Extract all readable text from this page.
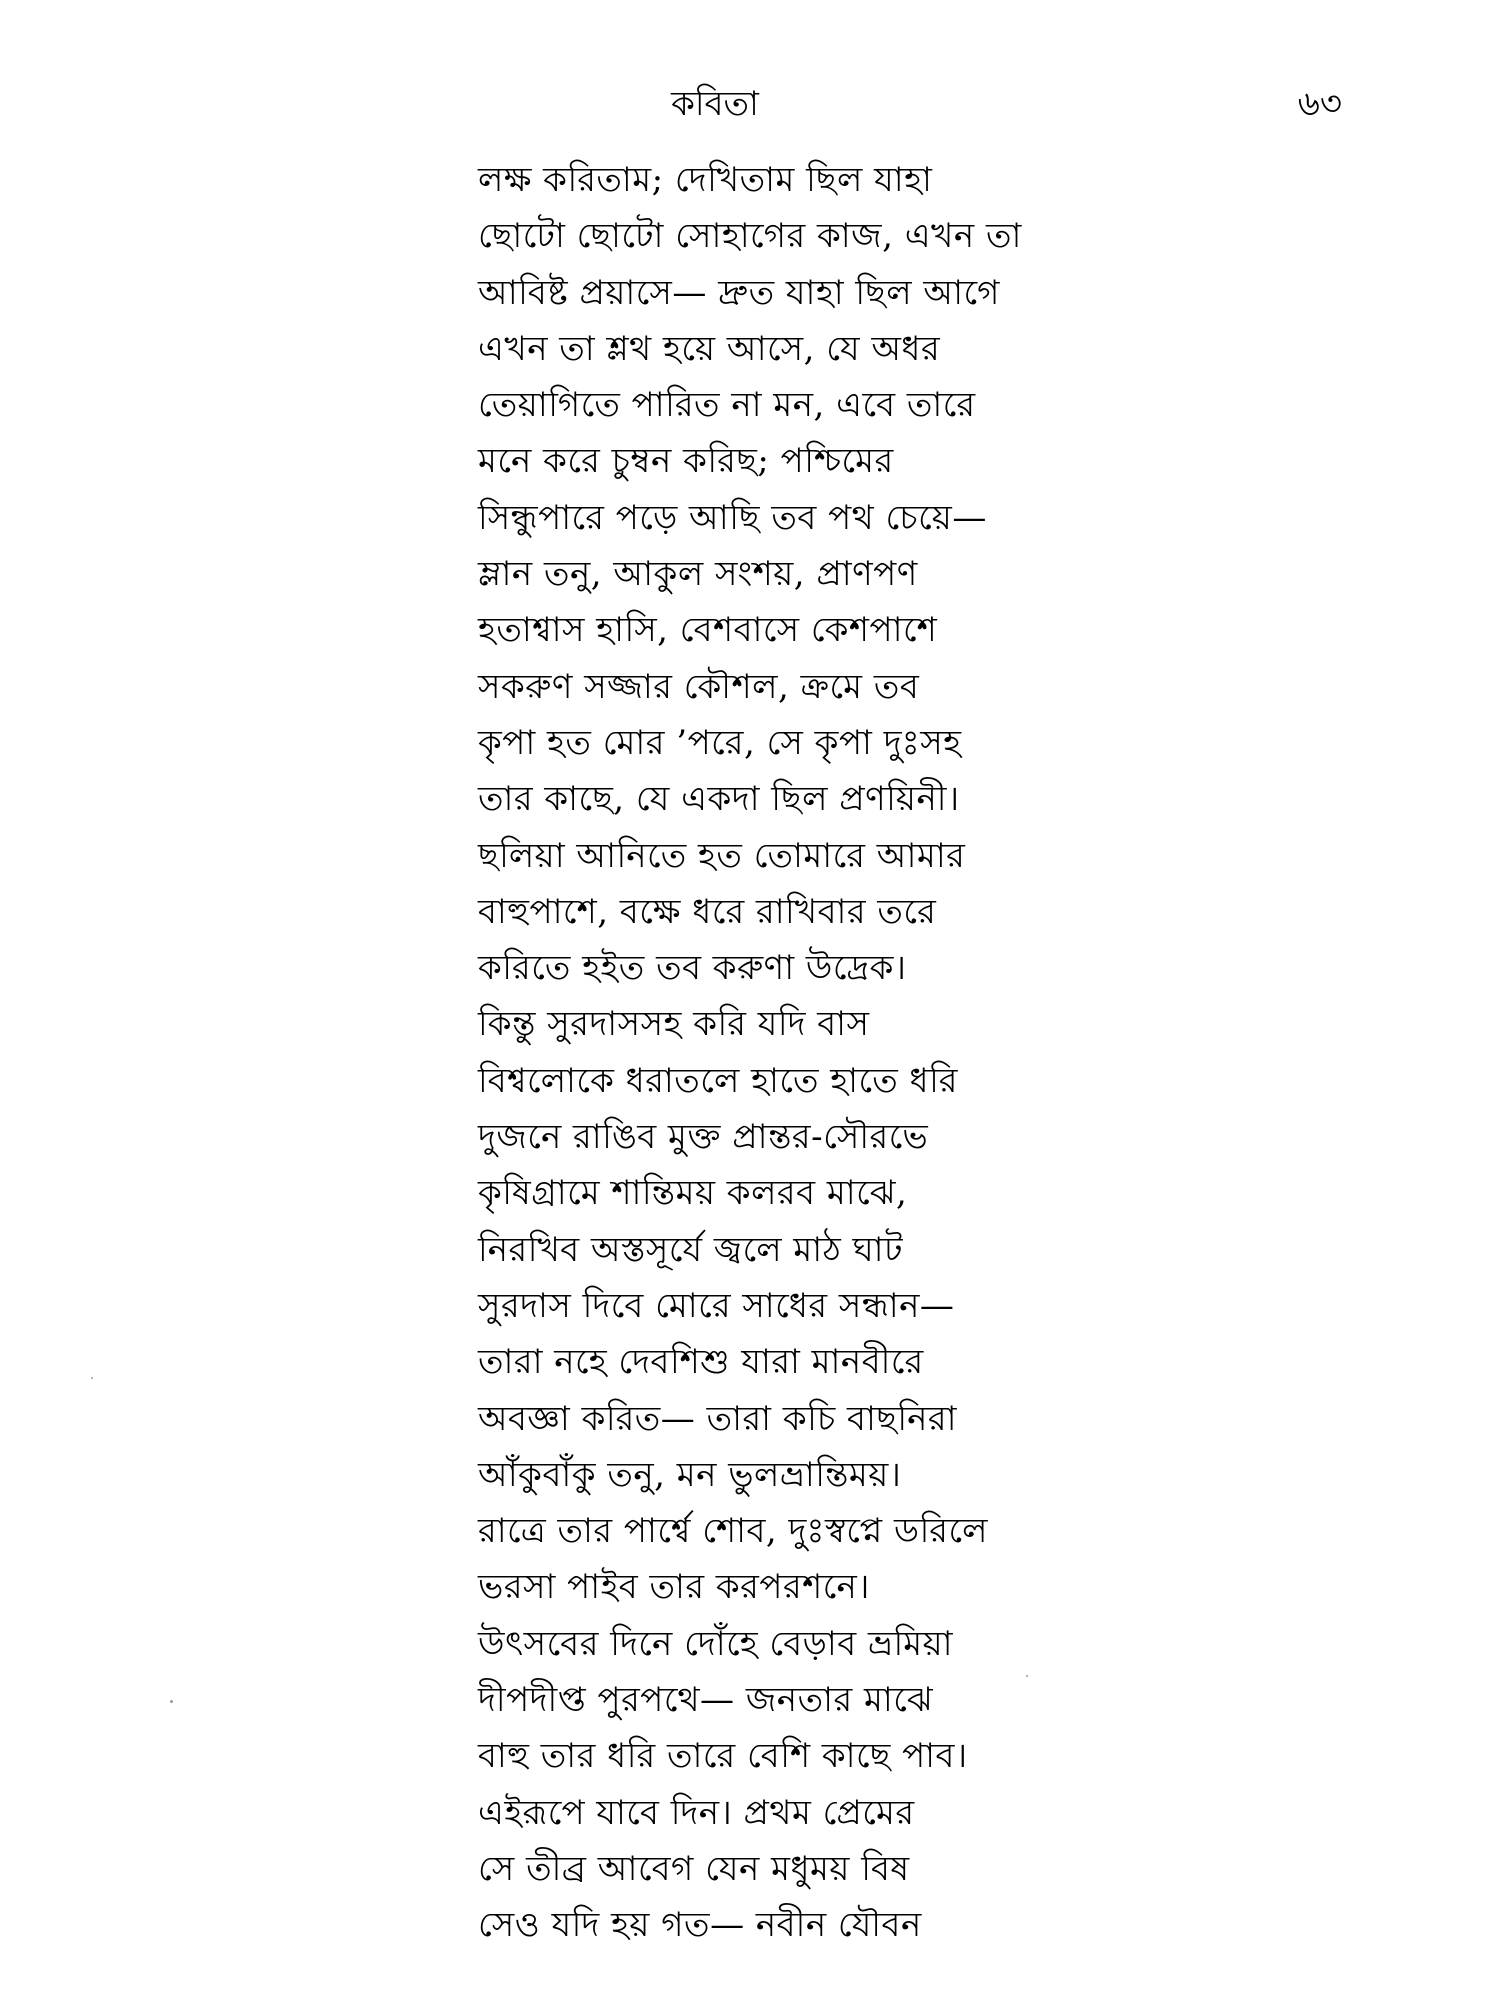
কবিতা	৬৩
লক্ষ করিতাম; দেখিতাম ছিল যাহা
ছোটো ছোটো সোহাগের কাজ, এখন তা
আবিষ্ট প্রয়াসে— দ্রুত যাহা ছিল আগে
এখন তা শ্লথ হয়ে আসে, যে অধর
তেয়াগিতে পারিত না মন, এবে তারে
মনে করে চুম্বন করিছ; পশ্চিমের
সিন্ধুপারে পড়ে আছি তব পথ চেয়ে—
ম্লান তনু, আকুল সংশয়, প্রাণপণ
হতাশ্বাস হাসি, বেশবাসে কেশপাশে
সকরুণ সজ্জার কৌশল, ক্রমে তব
কৃপা হত মোর ’পরে, সে কৃপা দুঃসহ
তার কাছে, যে একদা ছিল প্রণয়িনী।
ছলিয়া আনিতে হত তোমারে আমার
বাহুপাশে, বক্ষে ধরে রাখিবার তরে
করিতে হইত তব করুণা উদ্রেক।
কিন্তু সুরদাসসহ করি যদি বাস
বিশ্বলোকে ধরাতলে হাতে হাতে ধরি
দুজনে রাঙিব মুক্ত প্রান্তর-সৌরভে
কৃষিগ্রামে শান্তিময় কলরব মাঝে,
নিরখিব অস্তসূর্যে জ্বলে মাঠ ঘাট
সুরদাস দিবে মোরে সাধের সন্ধান—
তারা নহে দেবশিশু যারা মানবীরে
অবজ্ঞা করিত— তারা কচি বাছনিরা
আঁকুবাঁকু তনু, মন ভুলভ্রান্তিময়।
রাত্রে তার পার্শ্বে শোব, দুঃস্বপ্নে ডরিলে
ভরসা পাইব তার করপরশনে।
উৎসবের দিনে দোঁহে বেড়াব ভ্রমিয়া
দীপদীপ্ত পুরপথে— জনতার মাঝে
বাহু তার ধরি তারে বেশি কাছে পাব।
এইরূপে যাবে দিন। প্রথম প্রেমের
সে তীব্র আবেগ যেন মধুময় বিষ
সেও যদি হয় গত— নবীন যৌবন
